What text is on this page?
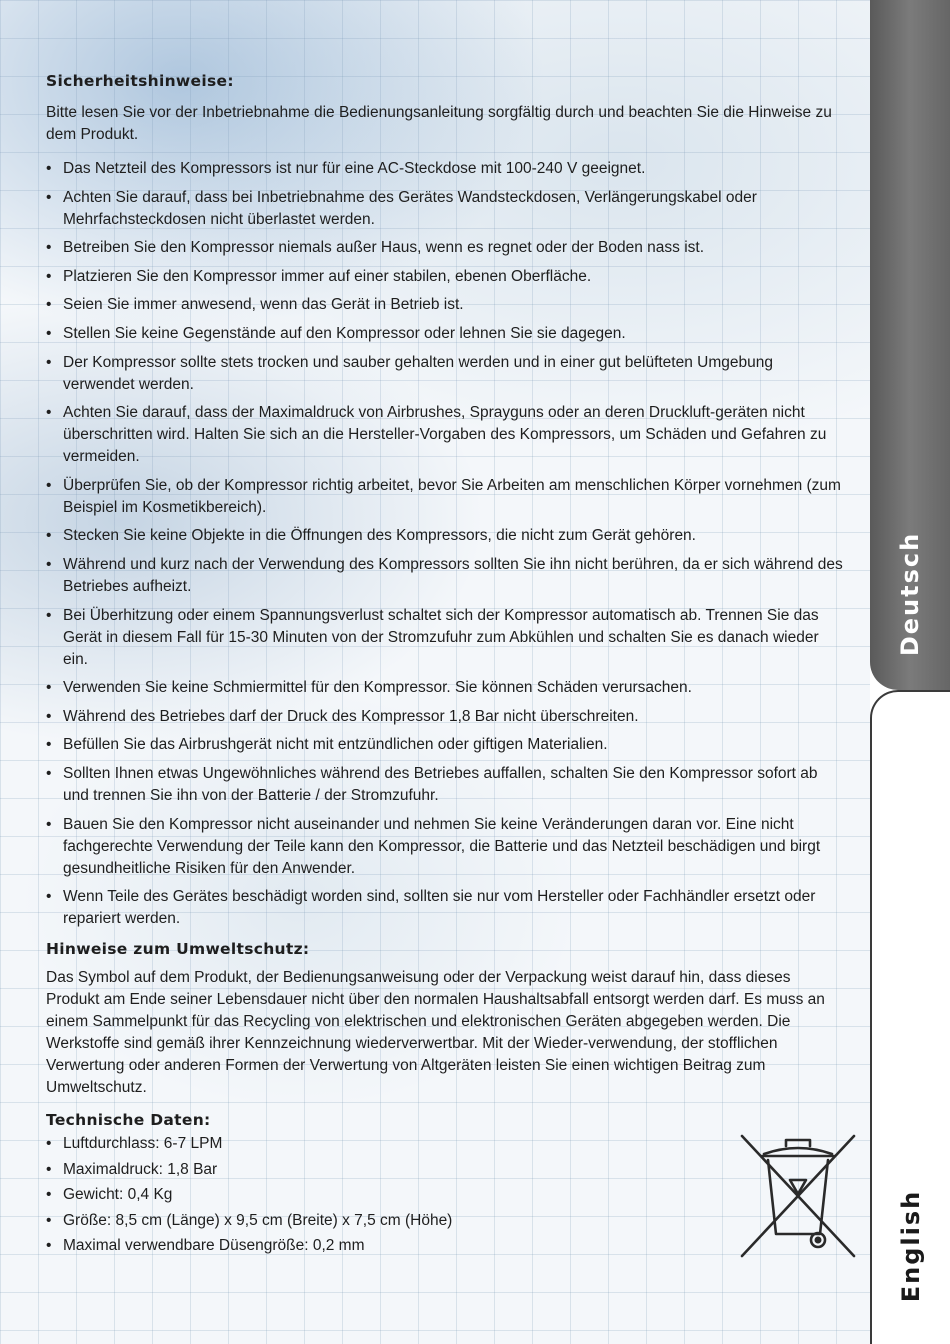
Sicherheitshinweise:

Bitte lesen Sie vor der Inbetriebnahme die Bedienungsanleitung sorgfältig durch und beachten Sie die Hinweise zu dem Produkt.

• Das Netzteil des Kompressors ist nur für eine AC-Steckdose mit 100-240 V geeignet.
• Achten Sie darauf, dass bei Inbetriebnahme des Gerätes Wandsteckdosen, Verlängerungskabel oder Mehrfachsteckdosen nicht überlastet werden.
• Betreiben Sie den Kompressor niemals außer Haus, wenn es regnet oder der Boden nass ist.
• Platzieren Sie den Kompressor immer auf einer stabilen, ebenen Oberfläche.
• Seien Sie immer anwesend, wenn das Gerät in Betrieb ist.
• Stellen Sie keine Gegenstände auf den Kompressor oder lehnen Sie sie dagegen.
• Der Kompressor sollte stets trocken und sauber gehalten werden und in einer gut belüfteten Umgebung verwendet werden.
• Achten Sie darauf, dass der Maximaldruck von Airbrushes, Sprayguns oder an deren Druckluft-geräten nicht überschritten wird. Halten Sie sich an die Hersteller-Vorgaben des Kompressors, um Schäden und Gefahren zu vermeiden.
• Überprüfen Sie, ob der Kompressor richtig arbeitet, bevor Sie Arbeiten am menschlichen Körper vornehmen (zum Beispiel im Kosmetikbereich).
• Stecken Sie keine Objekte in die Öffnungen des Kompressors, die nicht zum Gerät gehören.
• Während und kurz nach der Verwendung des Kompressors sollten Sie ihn nicht berühren, da er sich während des Betriebes aufheizt.
• Bei Überhitzung oder einem Spannungsverlust schaltet sich der Kompressor automatisch ab. Trennen Sie das Gerät in diesem Fall für 15-30 Minuten von der Stromzufuhr zum Abkühlen und schalten Sie es danach wieder ein.
• Verwenden Sie keine Schmiermittel für den Kompressor. Sie können Schäden verursachen.
• Während des Betriebes darf der Druck des Kompressor 1,8 Bar nicht überschreiten.
• Befüllen Sie das Airbrushgerät nicht mit entzündlichen oder giftigen Materialien.
• Sollten Ihnen etwas Ungewöhnliches während des Betriebes auffallen, schalten Sie den Kompressor sofort ab und trennen Sie ihn von der Batterie / der Stromzufuhr.
• Bauen Sie den Kompressor nicht auseinander und nehmen Sie keine Veränderungen daran vor. Eine nicht fachgerechte Verwendung der Teile kann den Kompressor, die Batterie und das Netzteil beschädigen und birgt gesundheitliche Risiken für den Anwender.
• Wenn Teile des Gerätes beschädigt worden sind, sollten sie nur vom Hersteller oder Fachhändler ersetzt oder repariert werden.
Hinweise zum Umweltschutz:

Das Symbol auf dem Produkt, der Bedienungsanweisung oder der Verpackung weist darauf hin, dass dieses Produkt am Ende seiner Lebensdauer nicht über den normalen Haushaltsabfall entsorgt werden darf. Es muss an einem Sammelpunkt für das Recycling von elektrischen und elektronischen Geräten abgegeben werden. Die Werkstoffe sind gemäß ihrer Kennzeichnung wiederverwertbar. Mit der Wieder-verwendung, der stofflichen Verwertung oder anderen Formen der Verwertung von Altgeräten leisten Sie einen wichtigen Beitrag zum Umweltschutz.

Technische Daten:
• Luftdurchlass: 6-7 LPM
• Maximaldruck: 1,8 Bar
• Gewicht: 0,4 Kg
• Größe: 8,5 cm (Länge) x 9,5 cm (Breite) x 7,5 cm (Höhe)
• Maximal verwendbare Düsengröße: 0,2 mm
Deutsch
English
